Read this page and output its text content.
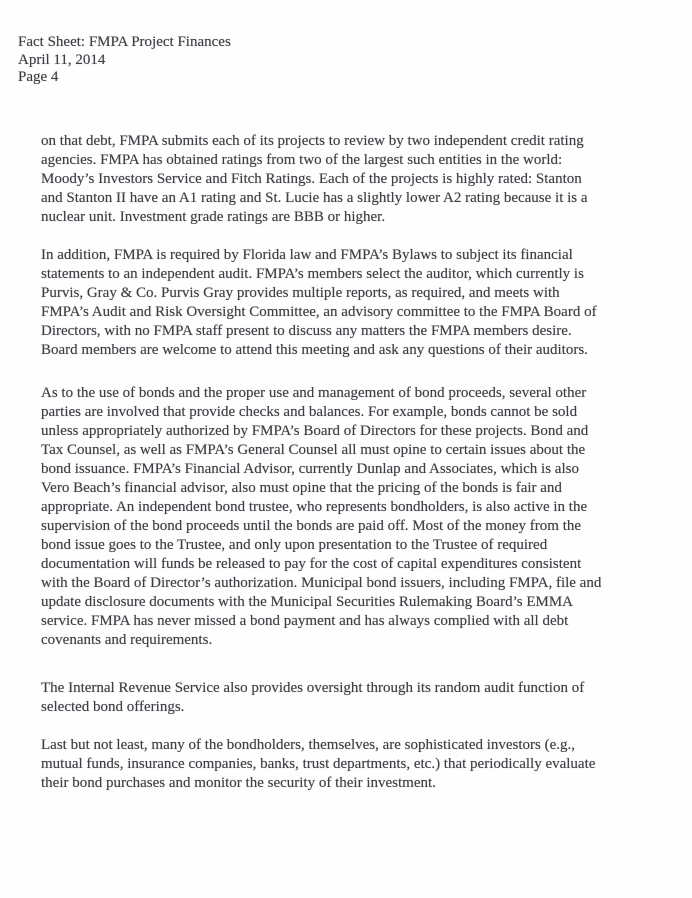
Fact Sheet: FMPA Project Finances
April 11, 2014
Page 4
on that debt, FMPA submits each of its projects to review by two independent credit rating
agencies. FMPA has obtained ratings from two of the largest such entities in the world:
Moody’s Investors Service and Fitch Ratings. Each of the projects is highly rated: Stanton
and Stanton II have an A1 rating and St. Lucie has a slightly lower A2 rating because it is a
nuclear unit. Investment grade ratings are BBB or higher.
In addition, FMPA is required by Florida law and FMPA’s Bylaws to subject its financial
statements to an independent audit. FMPA’s members select the auditor, which currently is
Purvis, Gray & Co. Purvis Gray provides multiple reports, as required, and meets with
FMPA’s Audit and Risk Oversight Committee, an advisory committee to the FMPA Board of
Directors, with no FMPA staff present to discuss any matters the FMPA members desire.
Board members are welcome to attend this meeting and ask any questions of their auditors.
As to the use of bonds and the proper use and management of bond proceeds, several other
parties are involved that provide checks and balances. For example, bonds cannot be sold
unless appropriately authorized by FMPA’s Board of Directors for these projects. Bond and
Tax Counsel, as well as FMPA’s General Counsel all must opine to certain issues about the
bond issuance. FMPA’s Financial Advisor, currently Dunlap and Associates, which is also
Vero Beach’s financial advisor, also must opine that the pricing of the bonds is fair and
appropriate. An independent bond trustee, who represents bondholders, is also active in the
supervision of the bond proceeds until the bonds are paid off. Most of the money from the
bond issue goes to the Trustee, and only upon presentation to the Trustee of required
documentation will funds be released to pay for the cost of capital expenditures consistent
with the Board of Director’s authorization. Municipal bond issuers, including FMPA, file and
update disclosure documents with the Municipal Securities Rulemaking Board’s EMMA
service. FMPA has never missed a bond payment and has always complied with all debt
covenants and requirements.
The Internal Revenue Service also provides oversight through its random audit function of
selected bond offerings.
Last but not least, many of the bondholders, themselves, are sophisticated investors (e.g.,
mutual funds, insurance companies, banks, trust departments, etc.) that periodically evaluate
their bond purchases and monitor the security of their investment.
